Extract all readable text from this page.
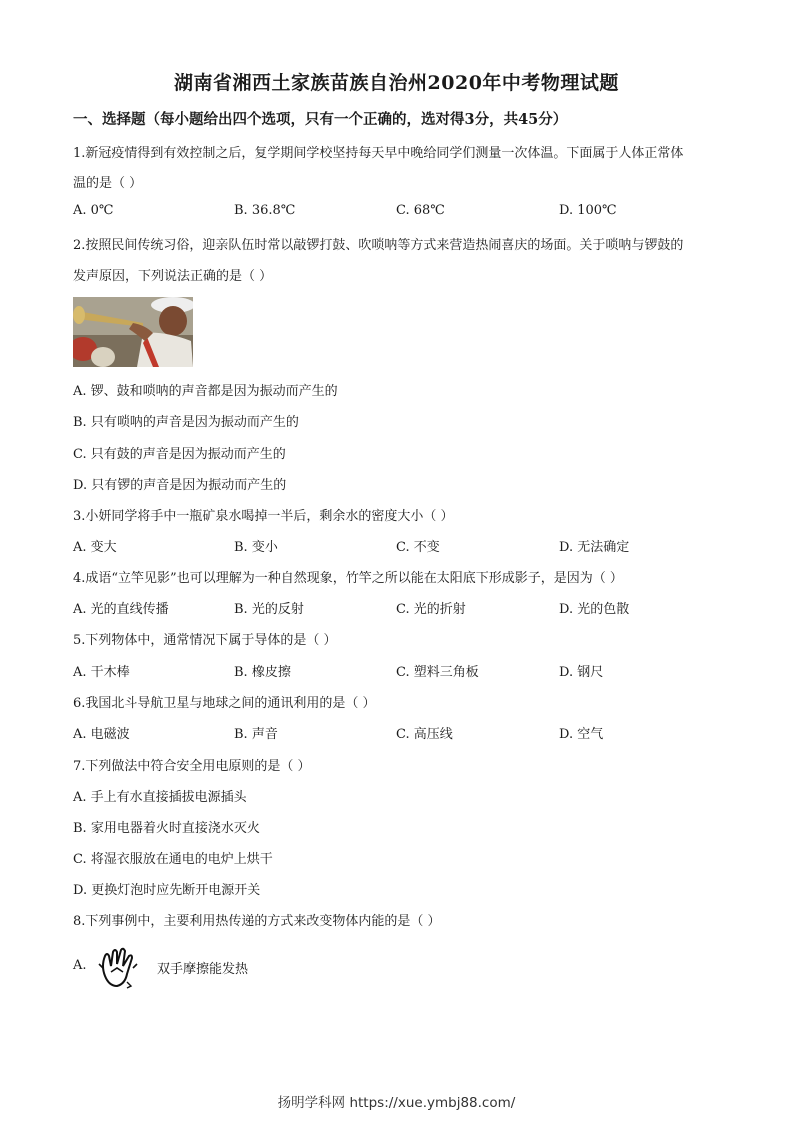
湖南省湘西土家族苗族自治州2020年中考物理试题
一、选择题（每小题给出四个选项，只有一个正确的，选对得3分，共45分）
1.新冠疫情得到有效控制之后，复学期间学校坚持每天早中晚给同学们测量一次体温。下面属于人体正常体
温的是（ ）
A. 0℃	B. 36.8℃	C. 68℃	D. 100℃
2.按照民间传统习俗，迎亲队伍时常以敲锣打鼓、吹唢呐等方式来营造热闹喜庆的场面。关于唢呐与锣鼓的
发声原因，下列说法正确的是（ ）
A. 锣、鼓和唢呐的声音都是因为振动而产生的
B. 只有唢呐的声音是因为振动而产生的
C. 只有鼓的声音是因为振动而产生的
D. 只有锣的声音是因为振动而产生的
3.小妍同学将手中一瓶矿泉水喝掉一半后，剩余水的密度大小（ ）
A. 变大	B. 变小	C. 不变	D. 无法确定
4.成语“立竿见影”也可以理解为一种自然现象，竹竿之所以能在太阳底下形成影子，是因为（ ）
A. 光的直线传播	B. 光的反射	C. 光的折射	D. 光的色散
5.下列物体中，通常情况下属于导体的是（ ）
A. 干木棒	B. 橡皮擦	C. 塑料三角板	D. 钢尺
6.我国北斗导航卫星与地球之间的通讯利用的是（ ）
A. 电磁波	B. 声音	C. 高压线	D. 空气
7.下列做法中符合安全用电原则的是（ ）
A. 手上有水直接插拔电源插头
B. 家用电器着火时直接浇水灭火
C. 将湿衣服放在通电的电炉上烘干
D. 更换灯泡时应先断开电源开关
8.下列事例中，主要利用热传递的方式来改变物体内能的是（ ）
A.	双手摩擦能发热
扬明学科网 https://xue.ymbj88.com/
